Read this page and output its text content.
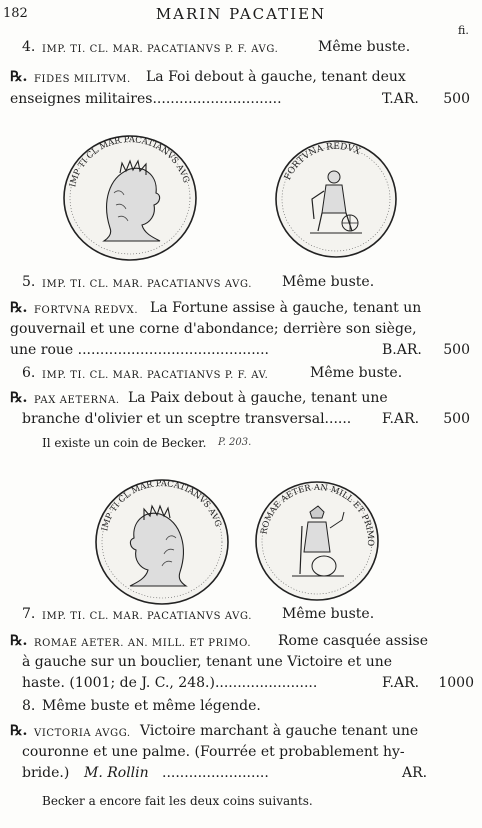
182	MARIN PACATIEN
fi.
4. IMP. TI. CL. MAR. PACATIANVS P. F. AVG.	Même buste.
℞. FIDES MILITVM. La Foi debout à gauche, tenant deux
enseignes militaires.............................	T.AR. 500
IMP TI CL MAR PACATIANVS AVG	FORTVNA REDVX
5. IMP. TI. CL. MAR. PACATIANVS AVG. Même buste.
℞. FORTVNA REDVX. La Fortune assise à gauche, tenant un
gouvernail et une corne d'abondance; derrière son siège,
une roue ...........................................	B.AR. 500
6. IMP. TI. CL. MAR. PACATIANVS P. F. AV.	Même buste.
℞. PAX AETERNA. La Paix debout à gauche, tenant une
branche d'olivier et un sceptre transversal...... F.AR. 500
Il existe un coin de Becker. P. 203.
IMP TI CL MAR PACATIANVS AVG
ROMAE AETER AN MILL ET PRIMO
7. IMP. TI. CL. MAR. PACATIANVS AVG. Même buste.
℞. ROMAE AETER. AN. MILL. ET PRIMO. Rome casquée assise
à gauche sur un bouclier, tenant une Victoire et une
haste. (1001; de J. C., 248.).......................	F.AR. 1000
8. Même buste et même légende.
℞. VICTORIA AVGG. Victoire marchant à gauche tenant une
couronne et une palme. (Fourrée et probablement hy-
bride.) M. Rollin ........................	AR.
Becker a encore fait les deux coins suivants.
